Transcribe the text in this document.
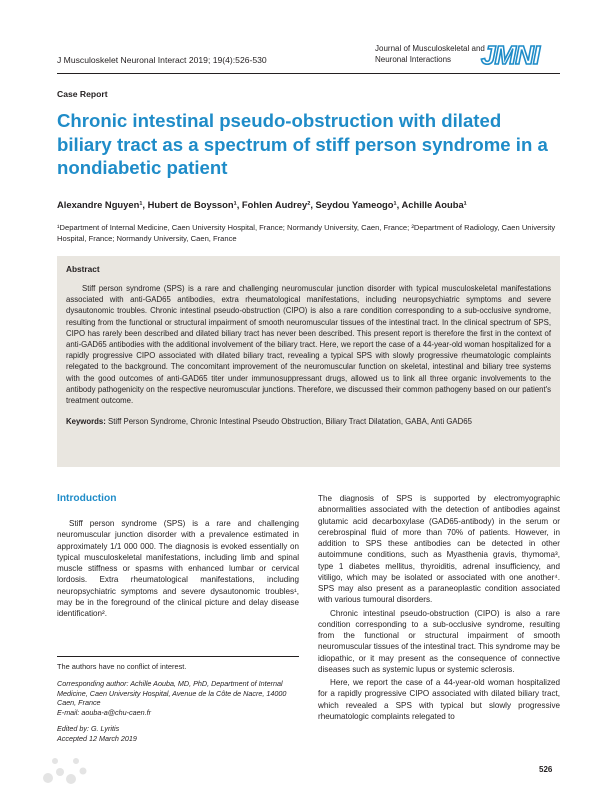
J Musculoskelet Neuronal Interact 2019; 19(4):526-530
Journal of Musculoskeletal and Neuronal Interactions	JMNI
Case Report
Chronic intestinal pseudo-obstruction with dilated biliary tract as a spectrum of stiff person syndrome in a nondiabetic patient
Alexandre Nguyen¹, Hubert de Boysson¹, Fohlen Audrey², Seydou Yameogo¹, Achille Aouba¹
¹Department of Internal Medicine, Caen University Hospital, France; Normandy University, Caen, France; ²Department of Radiology, Caen University Hospital, France; Normandy University, Caen, France

Abstract

Stiff person syndrome (SPS) is a rare and challenging neuromuscular junction disorder with typical musculoskeletal manifestations associated with anti-GAD65 antibodies, extra rheumatological manifestations, including neuropsychiatric symptoms and severe dysautonomic troubles. Chronic intestinal pseudo-obstruction (CIPO) is also a rare condition corresponding to a sub-occlusive syndrome, resulting from the functional or structural impairment of smooth neuromuscular tissues of the intestinal tract. In the clinical spectrum of SPS, CIPO has rarely been described and dilated biliary tract has never been described. This present report is therefore the first in the context of anti-GAD65 antibodies with the additional involvement of the biliary tract. Here, we report the case of a 44-year-old woman hospitalized for a rapidly progressive CIPO associated with dilated biliary tract, revealing a typical SPS with slowly progressive rheumatologic complaints relegated to the background. The concomitant improvement of the neuromuscular function on skeletal, intestinal and biliary tree systems with the good outcomes of anti-GAD65 titer under immunosuppressant drugs, allowed us to link all three organic involvements to the antibody pathogenicity on the respective neuromuscular junctions. Therefore, we discussed their common pathogeny based on our patient's treatment outcome.

Keywords: Stiff Person Syndrome, Chronic Intestinal Pseudo Obstruction, Biliary Tract Dilatation, GABA, Anti GAD65

Introduction

Stiff person syndrome (SPS) is a rare and challenging neuromuscular junction disorder with a prevalence estimated in approximately 1/1 000 000. The diagnosis is evoked essentially on typical musculoskeletal manifestations, including limb and spinal muscle stiffness or spasms with enhanced lumbar or cervical lordosis. Extra rheumatological manifestations, including neuropsychiatric symptoms and severe dysautonomic troubles¹, may be in the foreground of the clinical picture and delay disease identification².

The diagnosis of SPS is supported by electromyographic abnormalities associated with the detection of antibodies against glutamic acid decarboxylase (GAD65-antibody) in the serum or cerebrospinal fluid of more than 70% of patients. However, in addition to SPS these antibodies can be detected in other autoimmune conditions, such as Myasthenia gravis, thymoma³, type 1 diabetes mellitus, thyroiditis, adrenal insufficiency, and vitiligo, which may be isolated or associated with one another⁴. SPS may also present as a paraneoplastic condition associated with various tumoural disorders.

Chronic intestinal pseudo-obstruction (CIPO) is also a rare condition corresponding to a sub-occlusive syndrome, resulting from the functional or structural impairment of smooth neuromuscular tissues of the intestinal tract. This syndrome may be idiopathic, or it may present as the consequence of connective diseases such as systemic lupus or systemic sclerosis.

Here, we report the case of a 44-year-old woman hospitalized for a rapidly progressive CIPO associated with dilated biliary tract, which revealed a SPS with typical but slowly progressive rheumatologic complaints relegated to

The authors have no conflict of interest.

Corresponding author: Achille Aouba, MD, PhD, Department of Internal Medicine, Caen University Hospital, Avenue de la Côte de Nacre, 14000 Caen, France

E-mail: aouba-a@chu-caen.fr

Edited by: G. Lyritis

Accepted 12 March 2019

526
